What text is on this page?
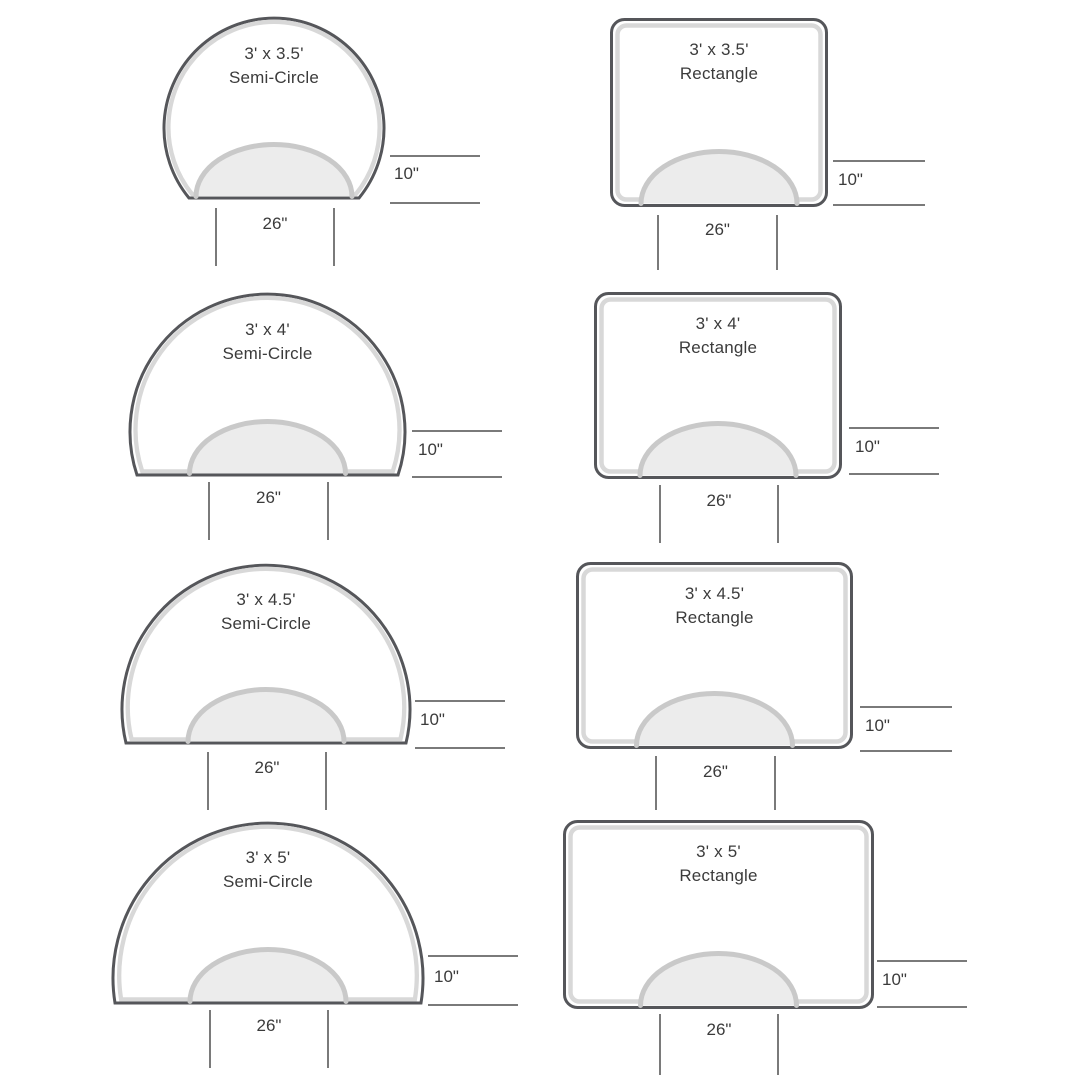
3' x 3.5'
Semi-Circle
10"
26"
3' x 3.5'
Rectangle
10"
26"
3' x 4'
Semi-Circle
10"
26"
3' x 4'
Rectangle
10"
26"
3' x 4.5'
Semi-Circle
10"
26"
3' x 4.5'
Rectangle
10"
26"
3' x 5'
Semi-Circle
10"
26"
3' x 5'
Rectangle
10"
26"
